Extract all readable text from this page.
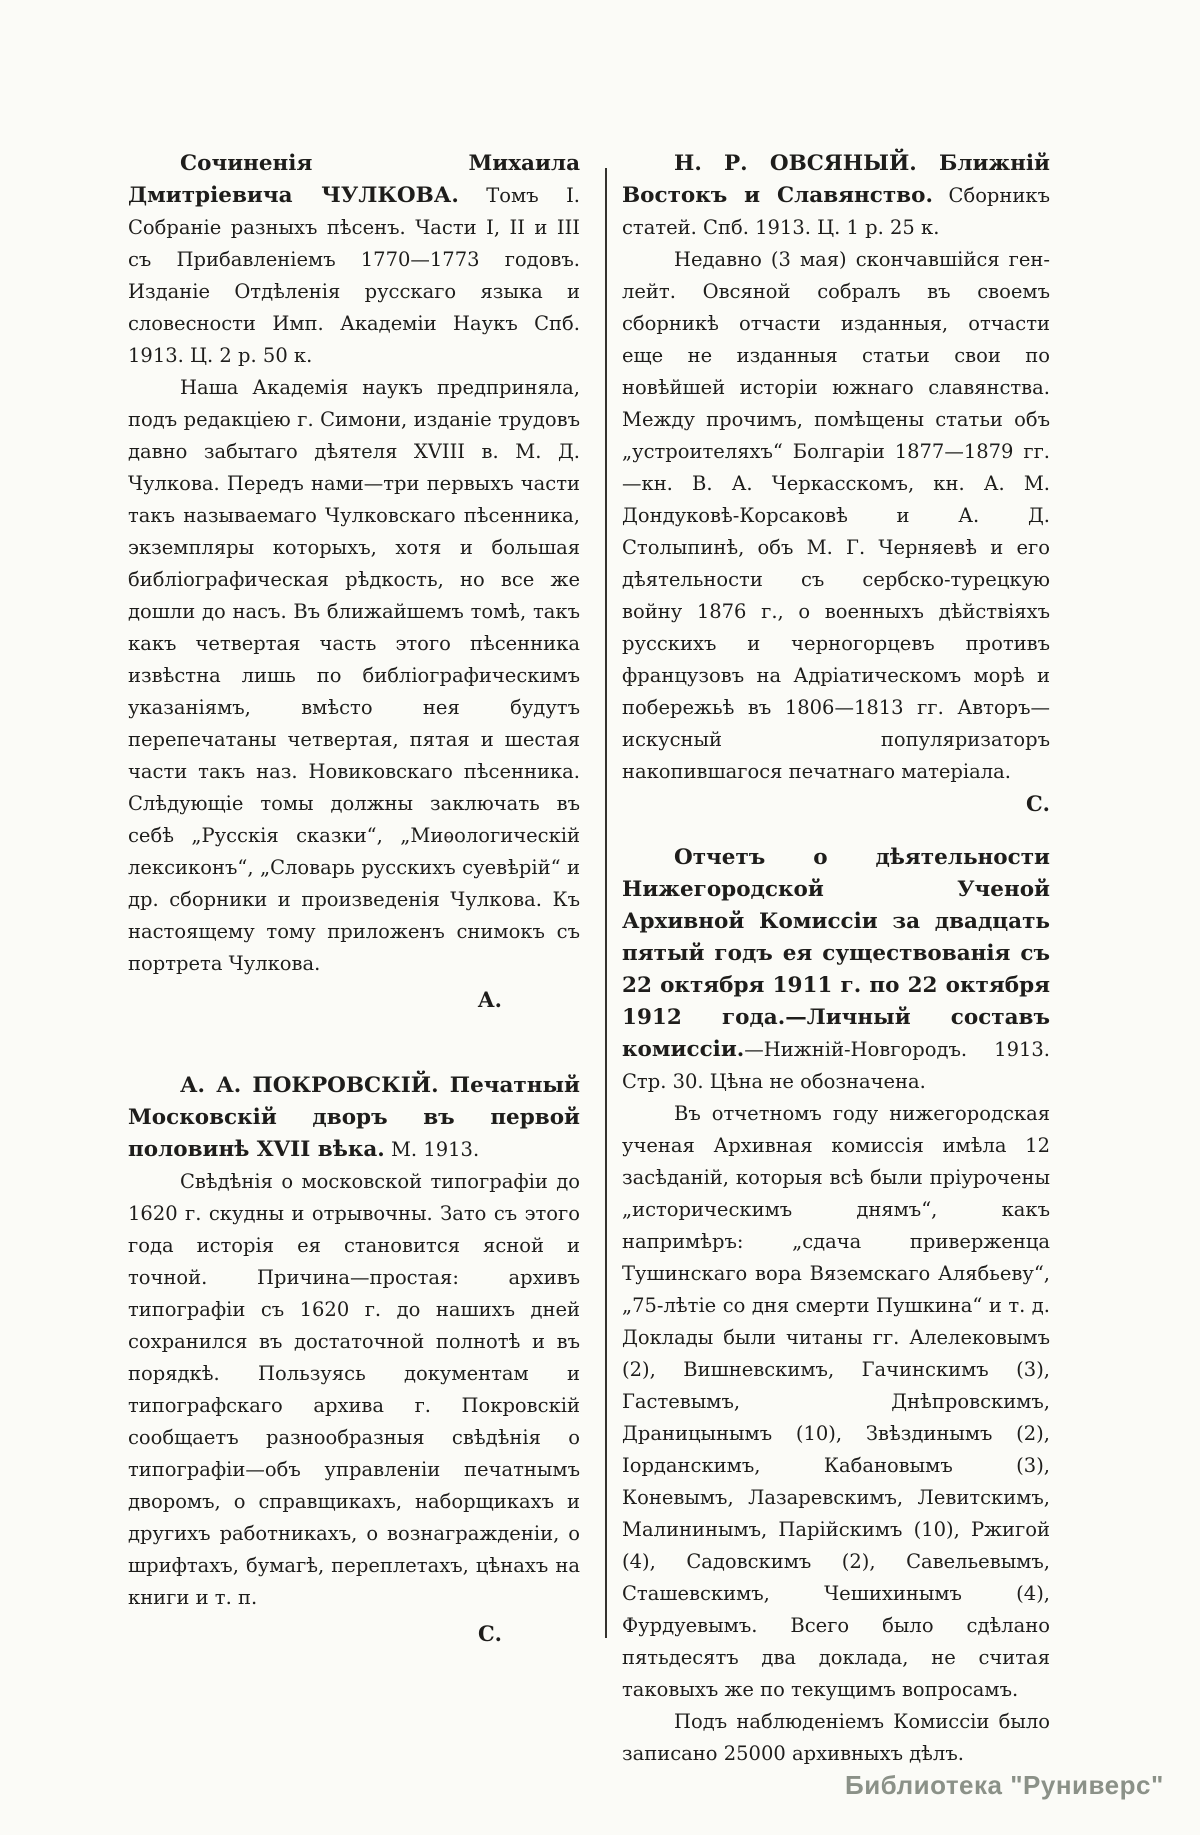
Сочиненія Михаила Дмитріевича ЧУЛКОВА. Томъ I. Собраніе разныхъ пѣсенъ. Части I, II и III съ Прибавленіемъ 1770—1773 годовъ. Изданіе Отдѣленія русскаго языка и словесности Имп. Академіи Наукъ Спб. 1913. Ц. 2 р. 50 к.

Наша Академія наукъ предприняла, подъ редакціею г. Симони, изданіе трудовъ давно забытаго дѣятеля XVIII в. М. Д. Чулкова. Передъ нами—три первыхъ части такъ называемаго Чулковскаго пѣсенника, экземпляры которыхъ, хотя и большая библіографическая рѣдкость, но все же дошли до насъ. Въ ближайшемъ томѣ, такъ какъ четвертая часть этого пѣсенника извѣстна лишь по библіографическимъ указаніямъ, вмѣсто нея будутъ перепечатаны четвертая, пятая и шестая части такъ наз. Новиковскаго пѣсенника. Слѣдующіе томы должны заключать въ себѣ „Русскія сказки“, „Миѳологическій лексиконъ“, „Словарь русскихъ суевѣрій“ и др. сборники и произведенія Чулкова. Къ настоящему тому приложенъ снимокъ съ портрета Чулкова.

А.

А. А. ПОКРОВСКІЙ. Печатный Московскій дворъ въ первой половинѣ XVII вѣка. М. 1913.

Свѣдѣнія о московской типографіи до 1620 г. скудны и отрывочны. Зато съ этого года исторія ея становится ясной и точной. Причина—простая: архивъ типографіи съ 1620 г. до нашихъ дней сохранился въ достаточной полнотѣ и въ порядкѣ. Пользуясь документам и типографскаго архива г. Покровскій сообщаетъ разнообразныя свѣдѣнія о типографіи—объ управленіи печатнымъ дворомъ, о справщикахъ, наборщикахъ и другихъ работникахъ, о вознагражденіи, о шрифтахъ, бумагѣ, переплетахъ, цѣнахъ на книги и т. п.

С.

Н. Р. ОВСЯНЫЙ. Ближній Востокъ и Славянство. Сборникъ статей. Спб. 1913. Ц. 1 р. 25 к.

Недавно (3 мая) скончавшійся ген-лейт. Овсяной собралъ въ своемъ сборникѣ отчасти изданныя, отчасти еще не изданныя статьи свои по новѣйшей исторіи южнаго славянства. Между прочимъ, помѣщены статьи объ „устроителяхъ“ Болгаріи 1877—1879 гг.—кн. В. А. Черкасскомъ, кн. А. М. Дондуковѣ-Корсаковѣ и А. Д. Столыпинѣ, объ М. Г. Черняевѣ и его дѣятельности съ сербско-турецкую войну 1876 г., о военныхъ дѣйствіяхъ русскихъ и черногорцевъ противъ французовъ на Адріатическомъ морѣ и побережьѣ въ 1806—1813 гг. Авторъ—искусный популяризаторъ накопившагося печатнаго матеріала.
С.

Отчетъ о дѣятельности Нижегородской Ученой Архивной Комиссіи за двадцать пятый годъ ея существованія съ 22 октября 1911 г. по 22 октября 1912 года.—Личный составъ комиссіи.—Нижній-Новгородъ. 1913. Стр. 30. Цѣна не обозначена.

Въ отчетномъ году нижегородская ученая Архивная комиссія имѣла 12 засѣданій, которыя всѣ были пріурочены „историческимъ днямъ“, какъ напримѣръ: „сдача приверженца Тушинскаго вора Вяземскаго Алябьеву“, „75-лѣтіе со дня смерти Пушкина“ и т. д. Доклады были читаны гг. Алелековымъ (2), Вишневскимъ, Гачинскимъ (3), Гастевымъ, Днѣпровскимъ, Драницынымъ (10), Звѣздинымъ (2), Іорданскимъ, Кабановымъ (3), Коневымъ, Лазаревскимъ, Левитскимъ, Малининымъ, Парійскимъ (10), Ржигой (4), Садовскимъ (2), Савельевымъ, Сташевскимъ, Чешихинымъ (4), Фурдуевымъ. Всего было сдѣлано пятьдесятъ два доклада, не считая таковыхъ же по текущимъ вопросамъ.

Подъ наблюденіемъ Комиссіи было записано 25000 архивныхъ дѣлъ.

Библиотека "Руниверс"
